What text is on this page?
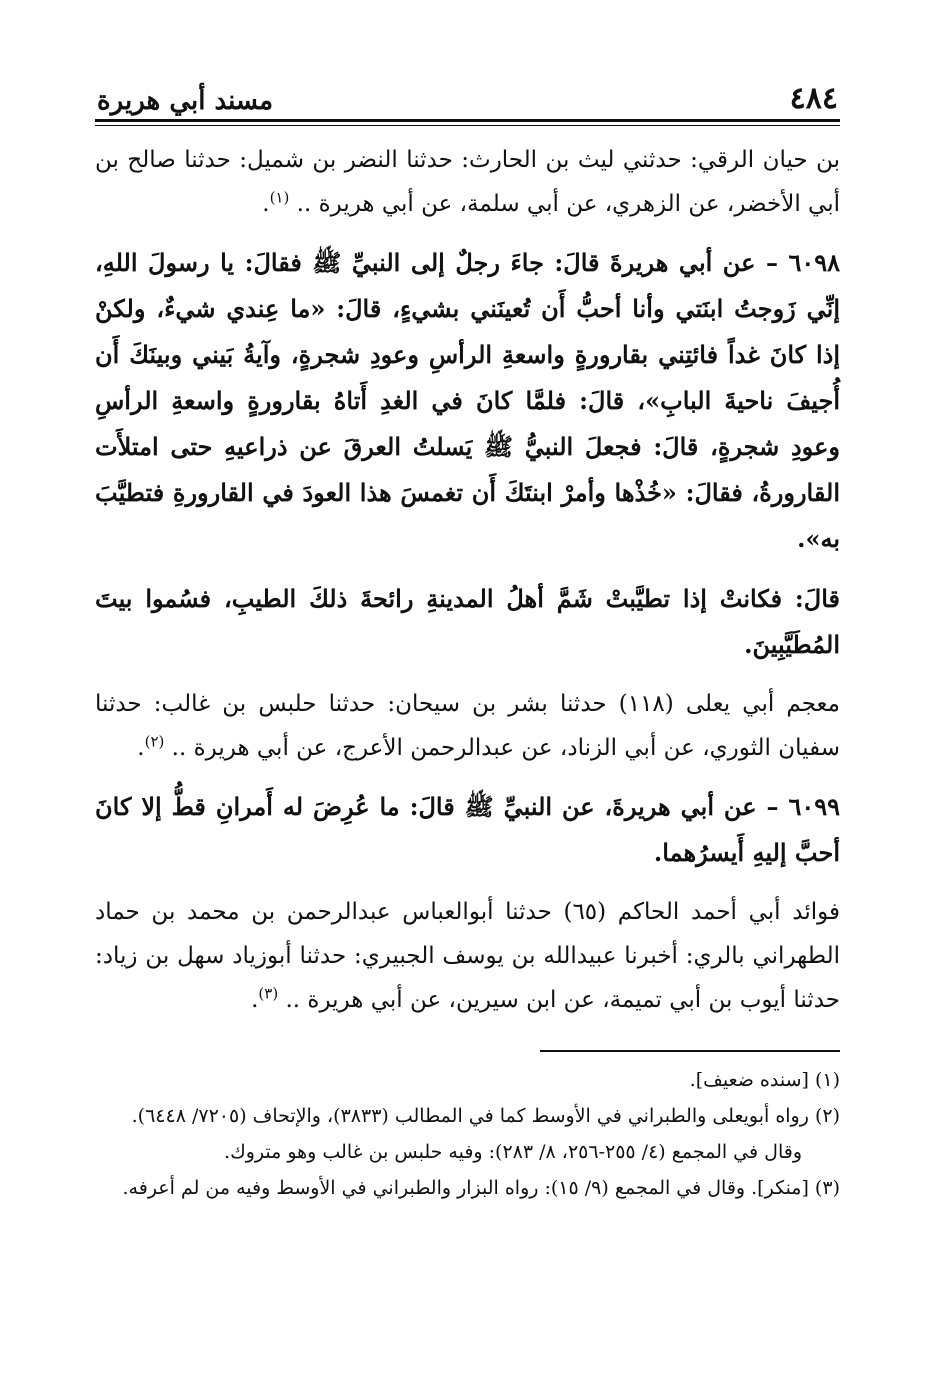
٤٨٤
مسند أبي هريرة

بن حيان الرقي: حدثني ليث بن الحارث: حدثنا النضر بن شميل: حدثنا صالح بن أبي الأخضر، عن الزهري، عن أبي سلمة، عن أبي هريرة .. $^{(١)}$.

٦٠٩٨ – عن أبي هريرةَ قالَ: جاءَ رجلٌ إلى النبيِّ ﷺ فقالَ: يا رسولَ اللهِ، إنِّي زَوجتُ ابنَتي وأنا أحبُّ أَن تُعينَني بشيءٍ، قالَ: «ما عِندي شيءٌ، ولكنْ إذا كانَ غداً فائتِني بقارورةٍ واسعةِ الرأسِ وعودِ شجرةٍ، وآيةُ بَيني وبينَكَ أَن أُجيفَ ناحيةَ البابِ»، قالَ: فلمَّا كانَ في الغدِ أَتاهُ بقارورةٍ واسعةِ الرأسِ وعودِ شجرةٍ، قالَ: فجعلَ النبيُّ ﷺ يَسلتُ العرقَ عن ذراعيهِ حتى امتلأَت القارورةُ، فقالَ: «خُذْها وأمرْ ابنتَكَ أَن تغمسَ هذا العودَ في القارورةِ فتطيَّبَ به».

قالَ: فكانتْ إذا تطيَّبتْ شَمَّ أهلُ المدينةِ رائحةَ ذلكَ الطيبِ، فسُموا بيتَ المُطَيَّبِينَ.

معجم أبي يعلى (١١٨) حدثنا بشر بن سيحان: حدثنا حلبس بن غالب: حدثنا سفيان الثوري، عن أبي الزناد، عن عبدالرحمن الأعرج، عن أبي هريرة .. $^{(٢)}$.

٦٠٩٩ – عن أبي هريرةَ، عن النبيِّ ﷺ قالَ: ما عُرِضَ له أَمرانِ قطُّ إلا كانَ أحبَّ إليهِ أَيسرُهما.

فوائد أبي أحمد الحاكم (٦٥) حدثنا أبوالعباس عبدالرحمن بن محمد بن حماد الطهراني بالري: أخبرنا عبيدالله بن يوسف الجبيري: حدثنا أبوزياد سهل بن زياد: حدثنا أيوب بن أبي تميمة، عن ابن سيرين، عن أبي هريرة .. $^{(٣)}$.

(١) [سنده ضعيف].

(٢) رواه أبويعلى والطبراني في الأوسط كما في المطالب (٣٨٣٣)، والإتحاف (٧٢٠٥/ ٦٤٤٨).

وقال في المجمع (٤/ ٢٥٥-٢٥٦، ٨/ ٢٨٣): وفيه حلبس بن غالب وهو متروك.

(٣) [منكر]. وقال في المجمع (٩/ ١٥): رواه البزار والطبراني في الأوسط وفيه من لم أعرفه.
